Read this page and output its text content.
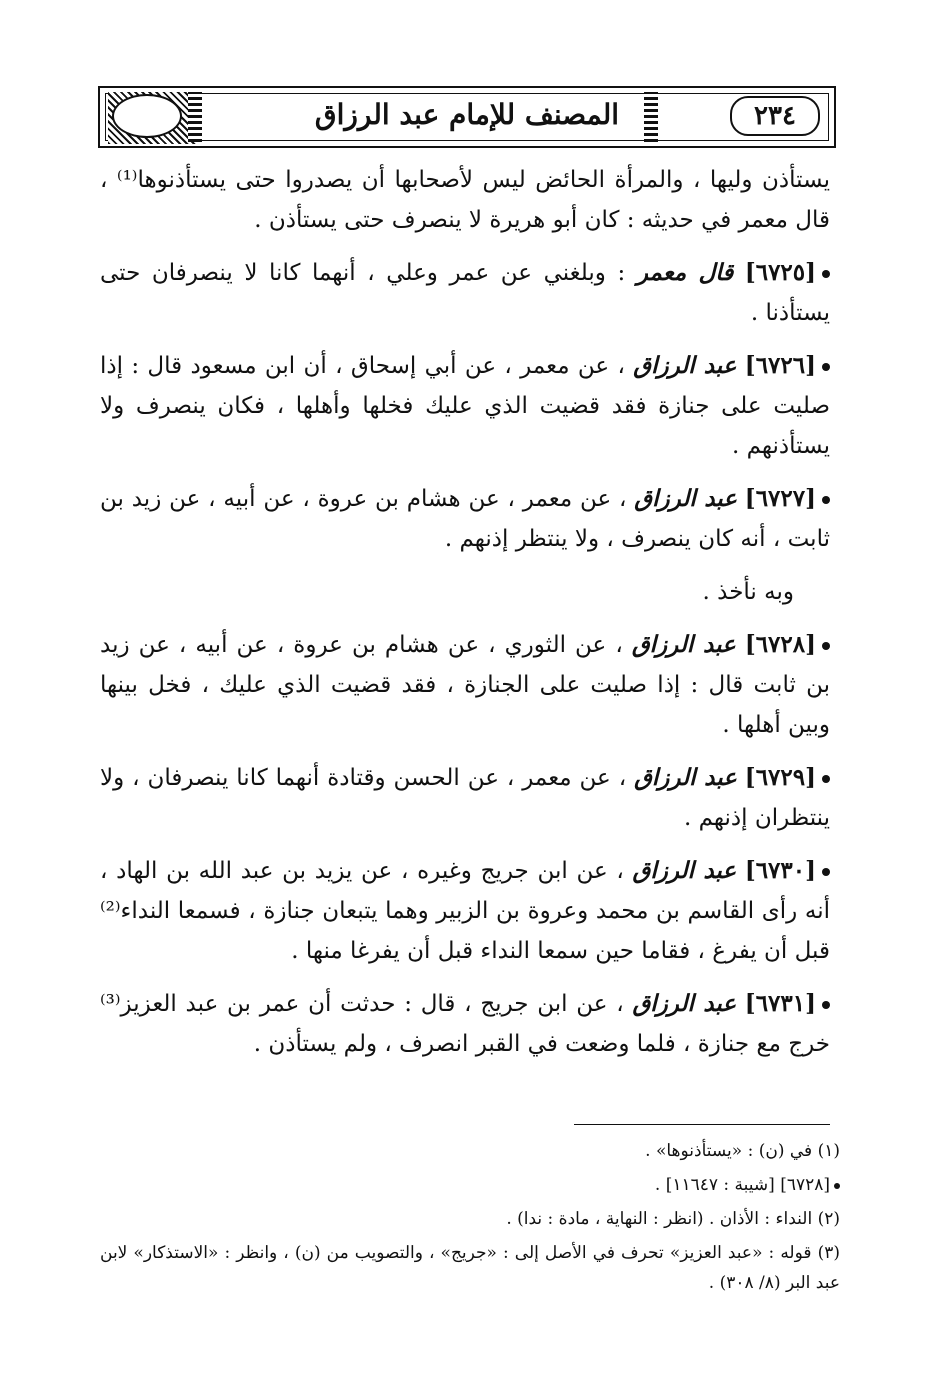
المصنف للإمام عبد الرزاق	٢٣٤
يستأذن وليها ، والمرأة الحائض ليس لأصحابها أن يصدروا حتى يستأذنوها⁽¹⁾ ، قال معمر في حديثه : كان أبو هريرة لا ينصرف حتى يستأذن .
[٦٧٢٥] قال معمر : وبلغني عن عمر وعلي ، أنهما كانا لا ينصرفان حتى يستأذنا .
[٦٧٢٦] عبد الرزاق ، عن معمر ، عن أبي إسحاق ، أن ابن مسعود قال : إذا صليت على جنازة فقد قضيت الذي عليك فخلها وأهلها ، فكان ينصرف ولا يستأذنهم .
[٦٧٢٧] عبد الرزاق ، عن معمر ، عن هشام بن عروة ، عن أبيه ، عن زيد بن ثابت ، أنه كان ينصرف ، ولا ينتظر إذنهم .
وبه نأخذ .
[٦٧٢٨] عبد الرزاق ، عن الثوري ، عن هشام بن عروة ، عن أبيه ، عن زيد بن ثابت قال : إذا صليت على الجنازة ، فقد قضيت الذي عليك ، فخل بينها وبين أهلها .
[٦٧٢٩] عبد الرزاق ، عن معمر ، عن الحسن وقتادة أنهما كانا ينصرفان ، ولا ينتظران إذنهم .
[٦٧٣٠] عبد الرزاق ، عن ابن جريج وغيره ، عن يزيد بن عبد الله بن الهاد ، أنه رأى القاسم بن محمد وعروة بن الزبير وهما يتبعان جنازة ، فسمعا النداء⁽²⁾ قبل أن يفرغ ، فقاما حين سمعا النداء قبل أن يفرغا منها .
[٦٧٣١] عبد الرزاق ، عن ابن جريج ، قال : حدثت أن عمر بن عبد العزيز⁽³⁾ خرج مع جنازة ، فلما وضعت في القبر انصرف ، ولم يستأذن .
(١) في (ن) : «يستأذنوها» .
[٦٧٢٨] [شيبة : ١١٦٤٧] .
(٢) النداء : الأذان . (انظر : النهاية ، مادة : ندا) .
(٣) قوله : «عبد العزيز» تحرف في الأصل إلى : «جريج» ، والتصويب من (ن) ، وانظر : «الاستذكار» لابن عبد البر (٨/ ٣٠٨) .
